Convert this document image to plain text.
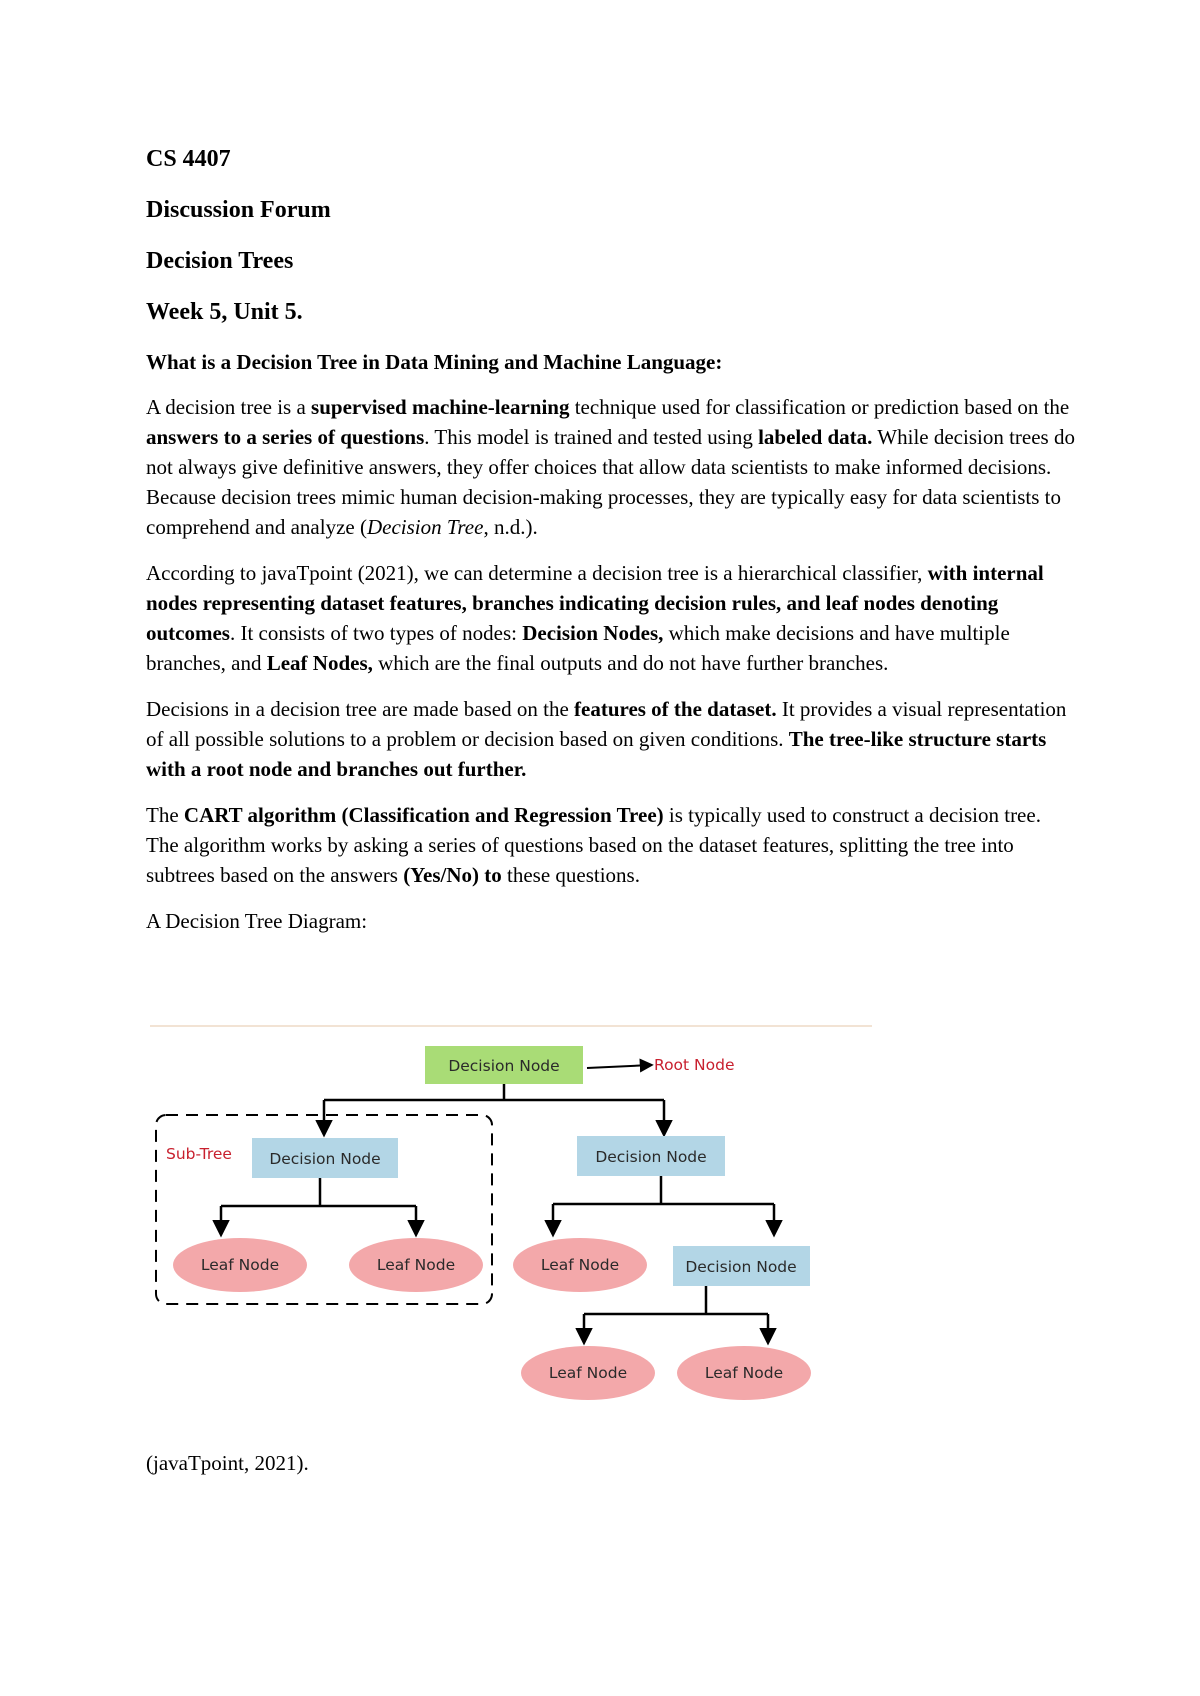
CS 4407
Discussion Forum
Decision Trees
Week 5, Unit 5.
What is a Decision Tree in Data Mining and Machine Language:

A decision tree is a supervised machine-learning technique used for classification or prediction based on the answers to a series of questions. This model is trained and tested using labeled data. While decision trees do not always give definitive answers, they offer choices that allow data scientists to make informed decisions. Because decision trees mimic human decision-making processes, they are typically easy for data scientists to comprehend and analyze (Decision Tree, n.d.).

According to javaTpoint (2021), we can determine a decision tree is a hierarchical classifier, with internal nodes representing dataset features, branches indicating decision rules, and leaf nodes denoting outcomes. It consists of two types of nodes: Decision Nodes, which make decisions and have multiple branches, and Leaf Nodes, which are the final outputs and do not have further branches.

Decisions in a decision tree are made based on the features of the dataset. It provides a visual representation of all possible solutions to a problem or decision based on given conditions. The tree-like structure starts with a root node and branches out further.

The CART algorithm (Classification and Regression Tree) is typically used to construct a decision tree. The algorithm works by asking a series of questions based on the dataset features, splitting the tree into subtrees based on the answers (Yes/No) to these questions.

A Decision Tree Diagram:

Decision Node	Root Node
Sub-Tree Decision Node
Leaf Node	Leaf Node
Decision Node
Leaf Node	Decision Node
Leaf Node	Leaf Node
(javaTpoint, 2021).
